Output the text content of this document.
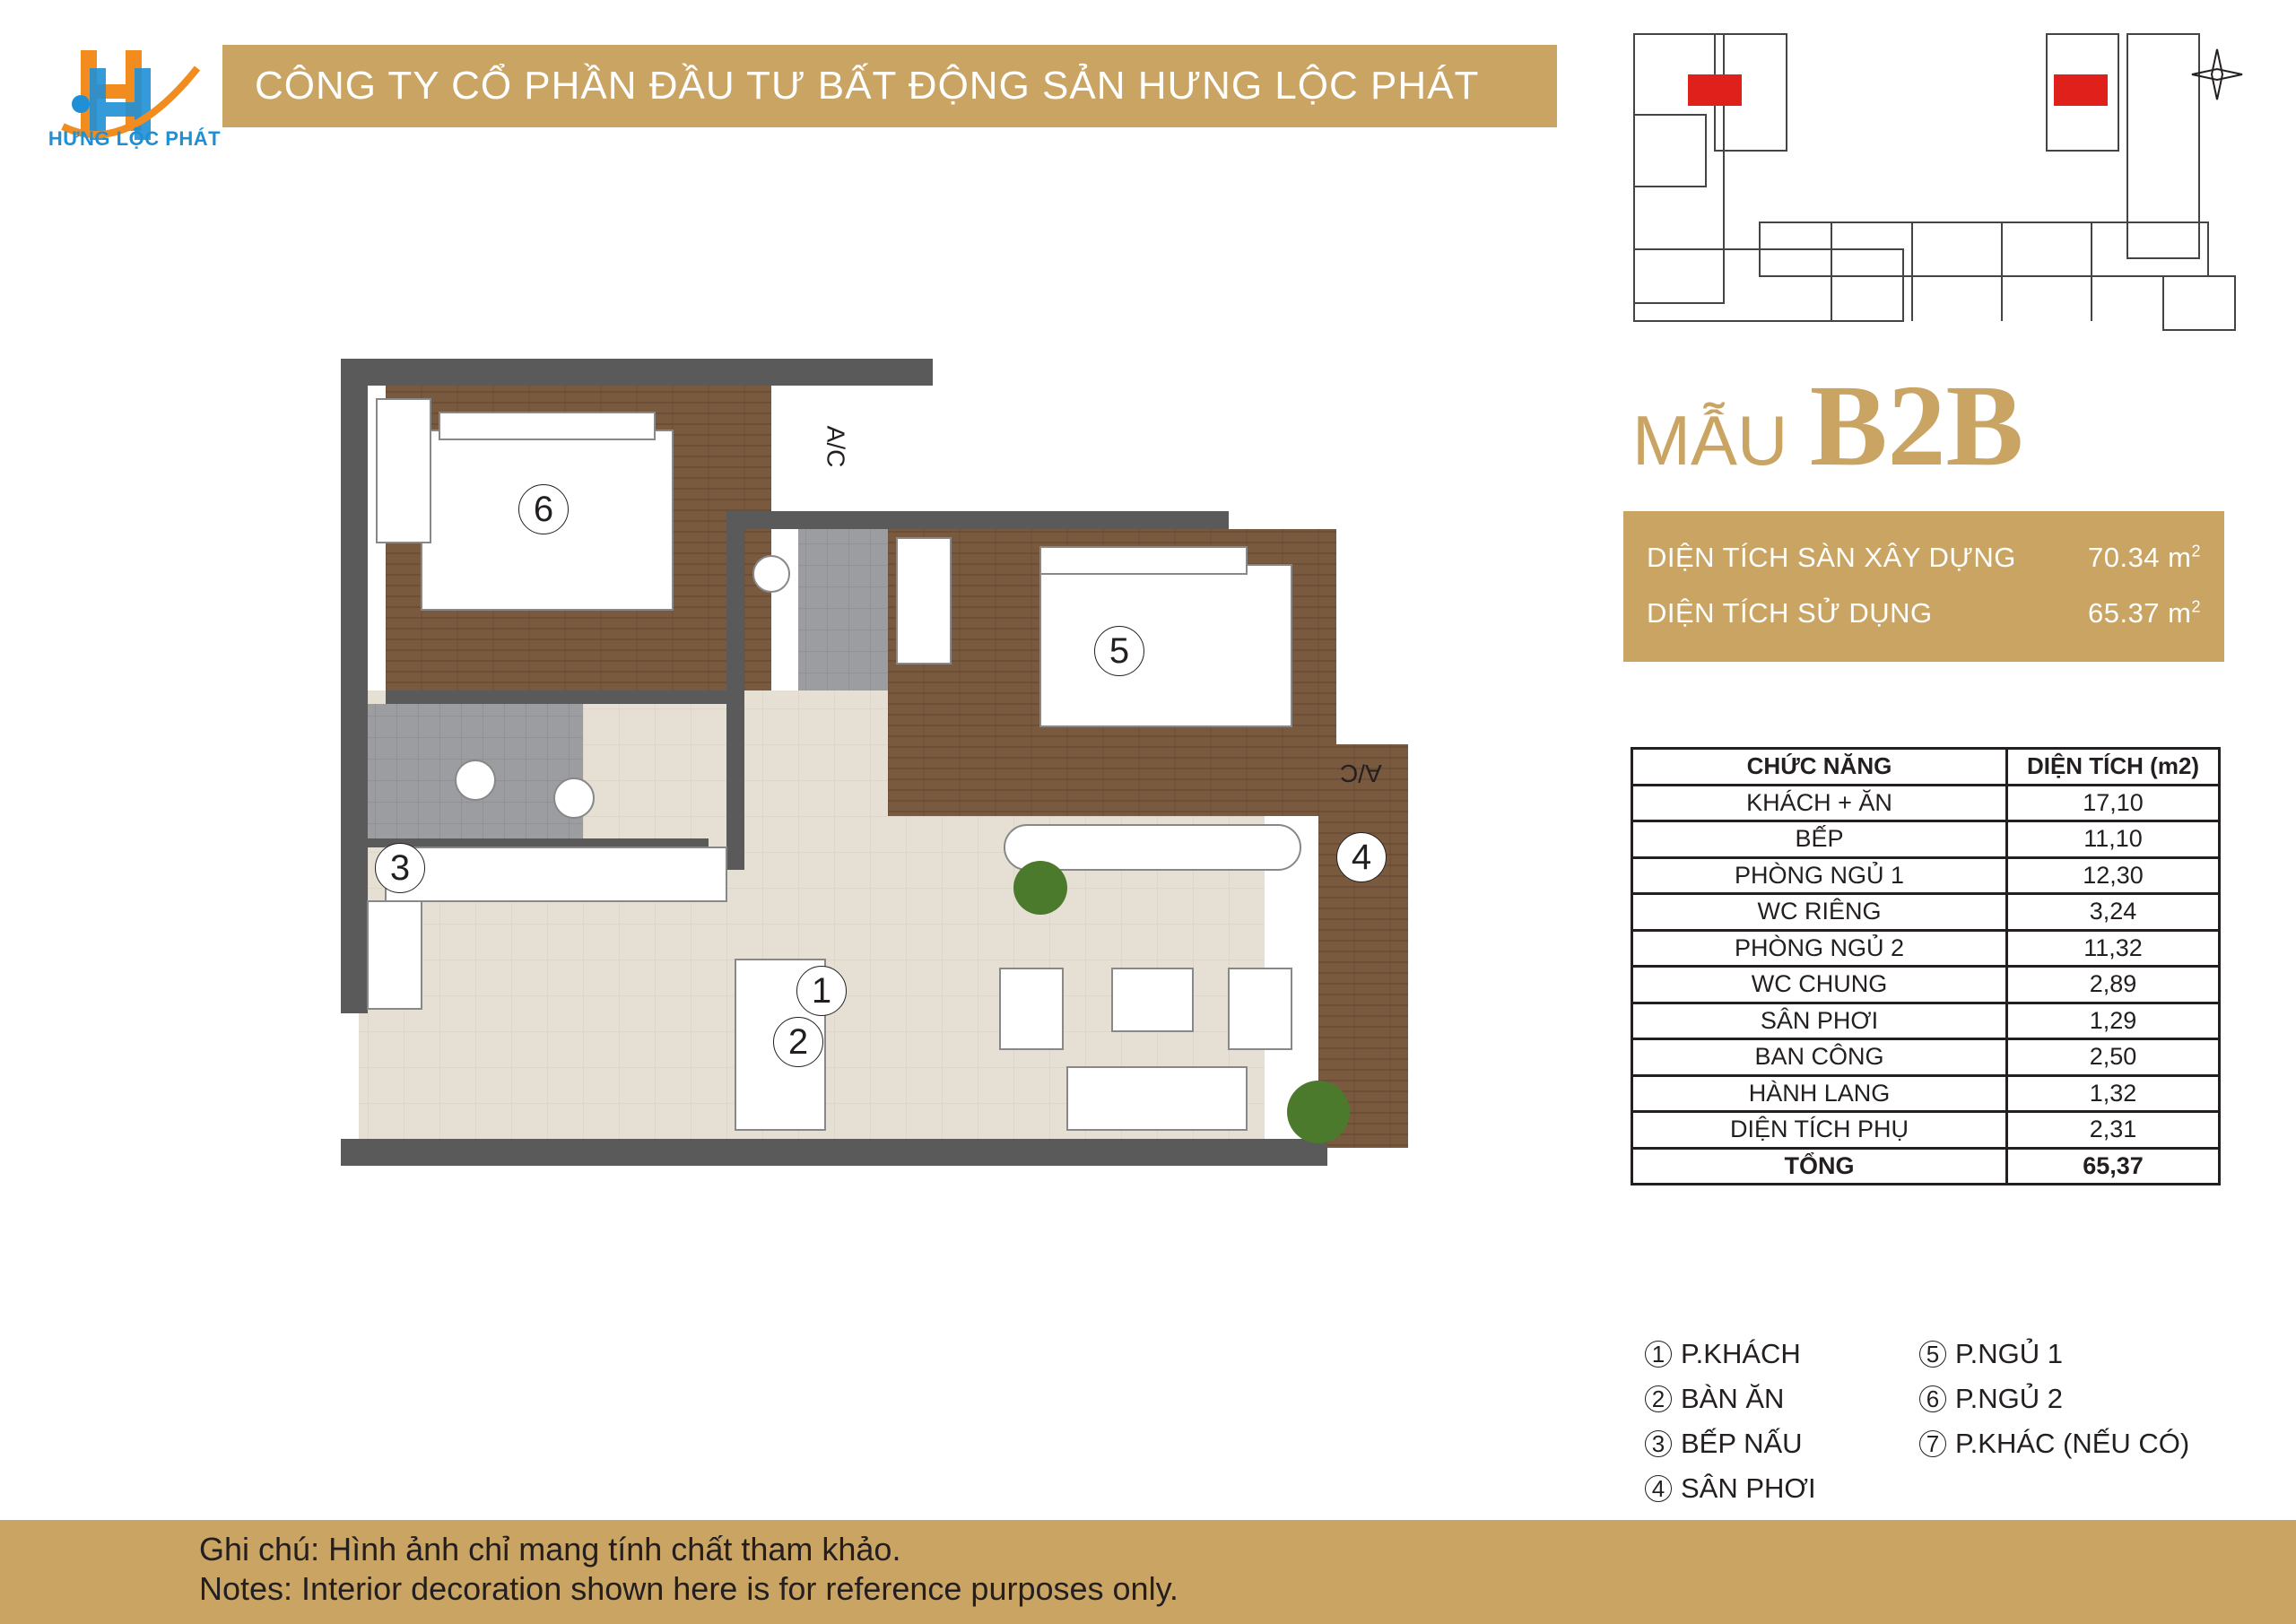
HƯNG LỘC PHÁT
CÔNG TY CỔ PHẦN ĐẦU TƯ BẤT ĐỘNG SẢN HƯNG LỘC PHÁT
MẪU B2B
DIỆN TÍCH SÀN XÂY DỰNG	70.34 $m^2$
DIỆN TÍCH SỬ DỤNG	65.37 $m^2$
CHỨC NĂNG	DIỆN TÍCH (m2)
KHÁCH + ĂN	17,10
BẾP	11,10
PHÒNG NGỦ 1	12,30
WC RIÊNG	3,24
PHÒNG NGỦ 2	11,32
WC CHUNG	2,89
SÂN PHƠI	1,29
BAN CÔNG	2,50
HÀNH LANG	1,32
DIỆN TÍCH PHỤ	2,31
TỔNG	65,37
1 P.KHÁCH
2 BÀN ĂN
3 BẾP NẤU
4 SÂN PHƠI
5 P.NGỦ 1
6 P.NGỦ 2
7 P.KHÁC (NẾU CÓ)
1
2
3	4
5
6
A/C
A/C
Ghi chú: Hình ảnh chỉ mang tính chất tham khảo.
Notes: Interior decoration shown here is for reference purposes only.
